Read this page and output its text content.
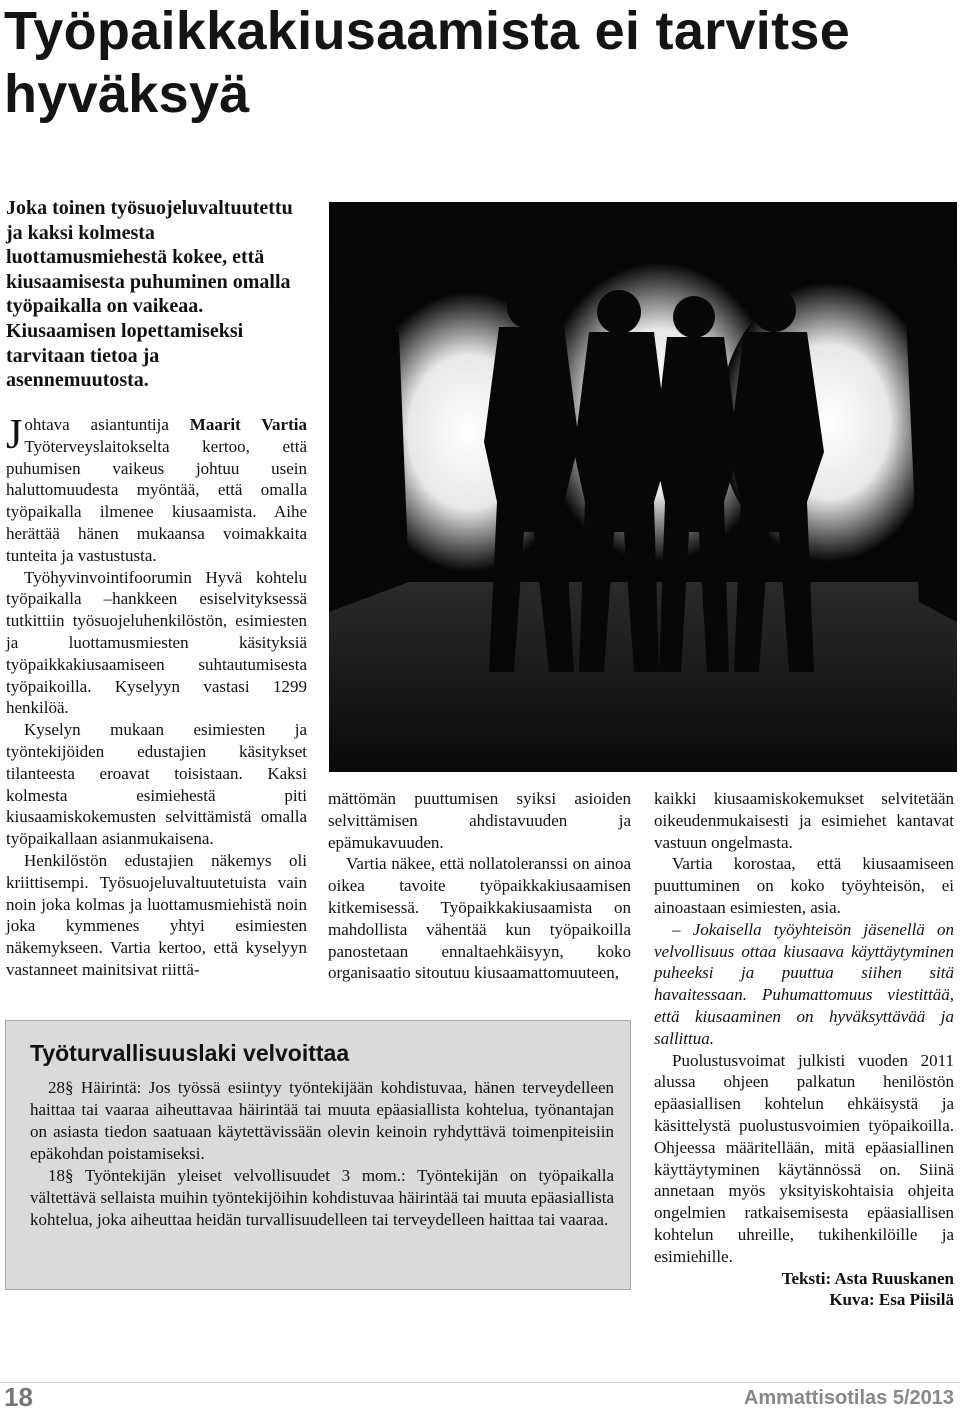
Työpaikkakiusaamista ei tarvitse hyväksyä

Joka toinen työsuojeluvaltuutettu ja kaksi kolmesta luottamusmiehestä kokee, että kiusaamisesta puhuminen omalla työpaikalla on vaikeaa. Kiusaamisen lopettamiseksi tarvitaan tietoa ja asennemuutosta.

Johtava asiantuntija Maarit Vartia Työterveyslaitokselta kertoo, että puhumisen vaikeus johtuu usein haluttomuudesta myöntää, että omalla työpaikalla ilmenee kiusaamista. Aihe herättää hänen mukaansa voimakkaita tunteita ja vastustusta.

Työhyvinvointifoorumin Hyvä kohtelu työpaikalla –hankkeen esiselvityksessä tutkittiin työsuojeluhenkilöstön, esimiesten ja luottamusmiesten käsityksiä työpaikkakiusaamiseen suhtautumisesta työpaikoilla. Kyselyyn vastasi 1299 henkilöä.

Kyselyn mukaan esimiesten ja työntekijöiden edustajien käsitykset tilanteesta eroavat toisistaan. Kaksi kolmesta esimiehestä piti kiusaamiskokemusten selvittämistä omalla työpaikallaan asianmukaisena.

Henkilöstön edustajien näkemys oli kriittisempi. Työsuojeluvaltuutetuista vain noin joka kolmas ja luottamusmiehistä noin joka kymmenes yhtyi esimiesten näkemykseen. Vartia kertoo, että kyselyyn vastanneet mainitsivat riittä-

mättömän puuttumisen syiksi asioiden selvittämisen ahdistavuuden ja epämukavuuden.

Vartia näkee, että nollatoleranssi on ainoa oikea tavoite työpaikkakiusaamisen kitkemisessä. Työpaikkakiusaamista on mahdollista vähentää kun työpaikoilla panostetaan ennaltaehkäisyyn, koko organisaatio sitoutuu kiusaamattomuuteen,

kaikki kiusaamiskokemukset selvitetään oikeudenmukaisesti ja esimiehet kantavat vastuun ongelmasta.

Vartia korostaa, että kiusaamiseen puuttuminen on koko työyhteisön, ei ainoastaan esimiesten, asia.

– Jokaisella työyhteisön jäsenellä on velvollisuus ottaa kiusaava käyttäytyminen puheeksi ja puuttua siihen sitä havaitessaan. Puhumattomuus viestittää, että kiusaaminen on hyväksyttävää ja sallittua.

Puolustusvoimat julkisti vuoden 2011 alussa ohjeen palkatun henilöstön epäasiallisen kohtelun ehkäisystä ja käsittelystä puolustusvoimien työpaikoilla. Ohjeessa määritellään, mitä epäasiallinen käyttäytyminen käytännössä on. Siinä annetaan myös yksityiskohtaisia ohjeita ongelmien ratkaisemisesta epäasiallisen kohtelun uhreille, tukihenkilöille ja esimiehille.

Teksti: Asta Ruuskanen

Kuva: Esa Piisilä

Työturvallisuuslaki velvoittaa

28§ Häirintä: Jos työssä esiintyy työntekijään kohdistuvaa, hänen terveydelleen haittaa tai vaaraa aiheuttavaa häirintää tai muuta epäasiallista kohtelua, työnantajan on asiasta tiedon saatuaan käytettävissään olevin keinoin ryhdyttävä toimenpiteisiin epäkohdan poistamiseksi.

18§ Työntekijän yleiset velvollisuudet 3 mom.: Työntekijän on työpaikalla vältettävä sellaista muihin työntekijöihin kohdistuvaa häirintää tai muuta epäasiallista kohtelua, joka aiheuttaa heidän turvallisuudelleen tai terveydelleen haittaa tai vaaraa.

18	Ammattisotilas 5/2013
